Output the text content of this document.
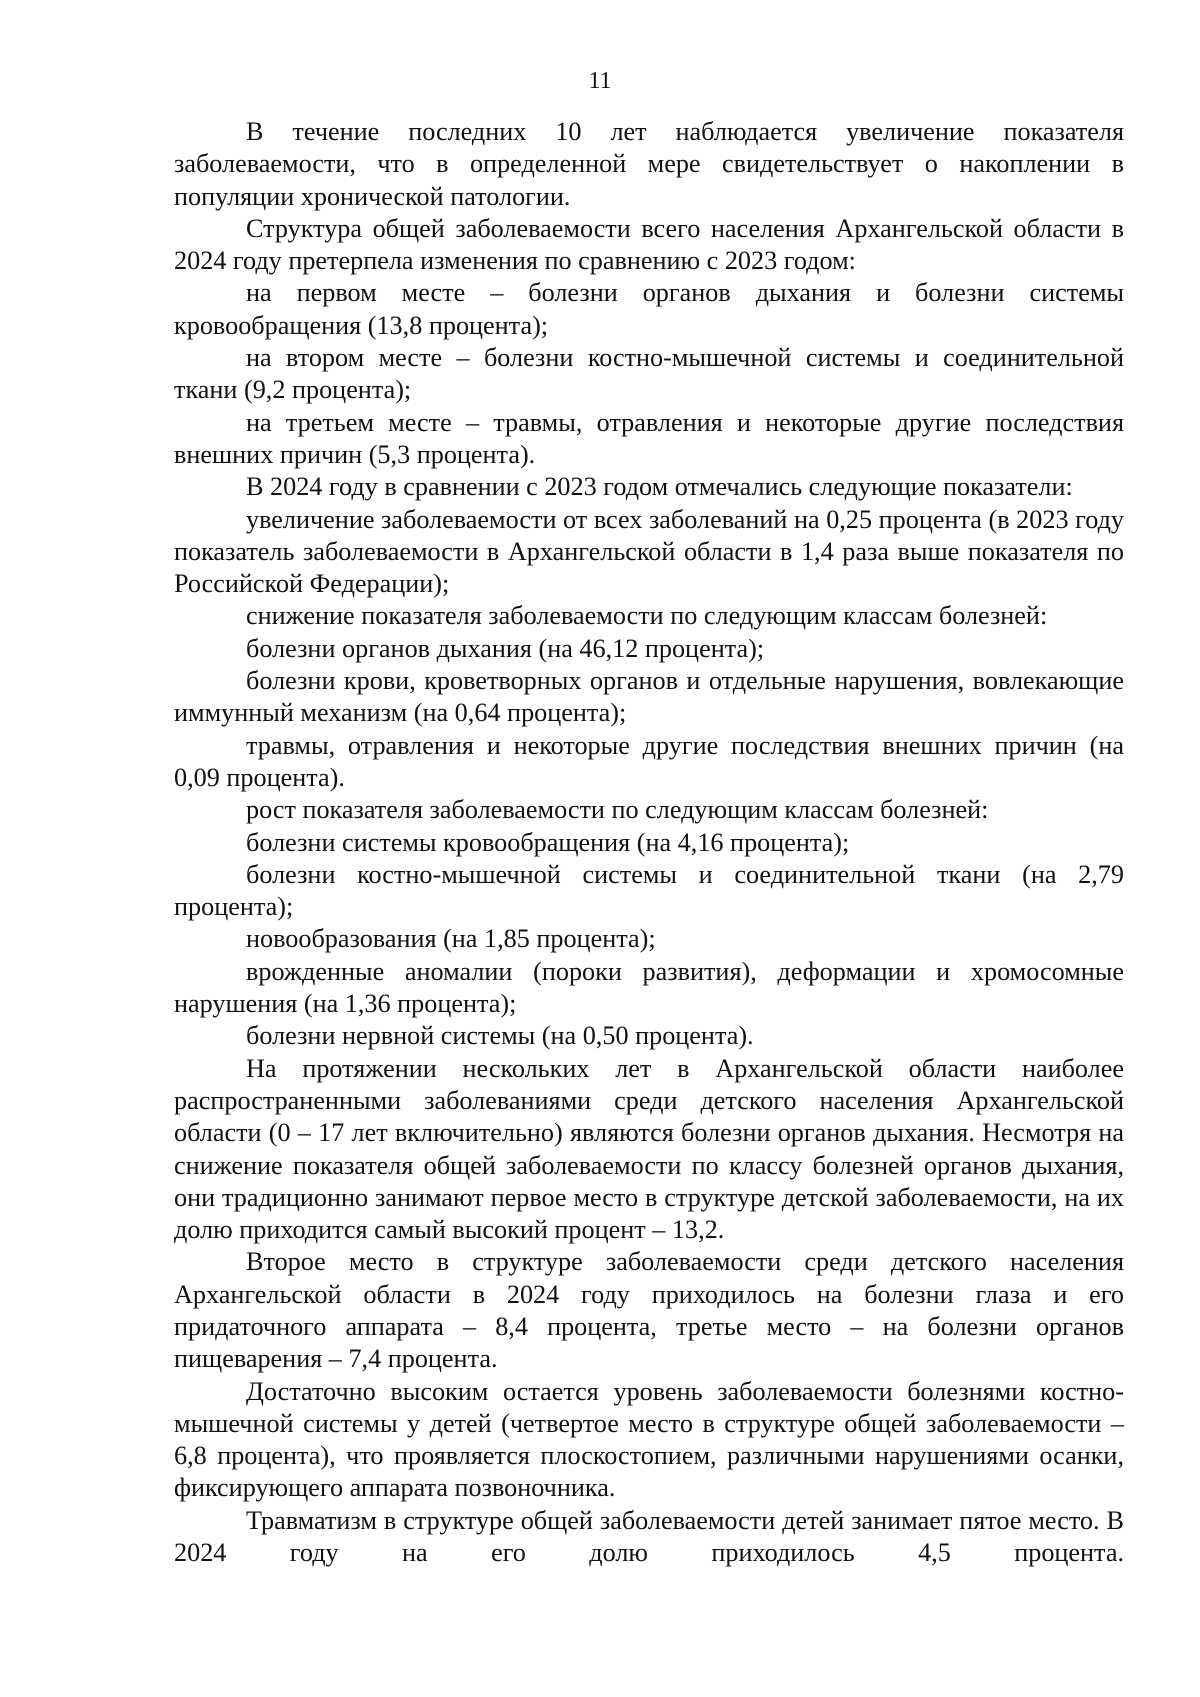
11

В течение последних 10 лет наблюдается увеличение показателя заболеваемости, что в определенной мере свидетельствует о накоплении в популяции хронической патологии.

Структура общей заболеваемости всего населения Архангельской области в 2024 году претерпела изменения по сравнению с 2023 годом:

на первом месте – болезни органов дыхания и болезни системы кровообращения (13,8 процента);

на втором месте – болезни костно-мышечной системы и соединительной ткани (9,2 процента);

на третьем месте – травмы, отравления и некоторые другие последствия внешних причин (5,3 процента).

В 2024 году в сравнении с 2023 годом отмечались следующие показатели:

увеличение заболеваемости от всех заболеваний на 0,25 процента (в 2023 году показатель заболеваемости в Архангельской области в 1,4 раза выше показателя по Российской Федерации);

снижение показателя заболеваемости по следующим классам болезней:

болезни органов дыхания (на 46,12 процента);

болезни крови, кроветворных органов и отдельные нарушения, вовлекающие иммунный механизм (на 0,64 процента);

травмы, отравления и некоторые другие последствия внешних причин (на 0,09 процента).

рост показателя заболеваемости по следующим классам болезней:

болезни системы кровообращения (на 4,16 процента);

болезни костно-мышечной системы и соединительной ткани (на 2,79 процента);

новообразования (на 1,85 процента);

врожденные аномалии (пороки развития), деформации и хромосомные нарушения (на 1,36 процента);

болезни нервной системы (на 0,50 процента).

На протяжении нескольких лет в Архангельской области наиболее распространенными заболеваниями среди детского населения Архангельской области (0 – 17 лет включительно) являются болезни органов дыхания. Несмотря на снижение показателя общей заболеваемости по классу болезней органов дыхания, они традиционно занимают первое место в структуре детской заболеваемости, на их долю приходится самый высокий процент – 13,2.

Второе место в структуре заболеваемости среди детского населения Архангельской области в 2024 году приходилось на болезни глаза и его придаточного аппарата – 8,4 процента, третье место – на болезни органов пищеварения – 7,4 процента.

Достаточно высоким остается уровень заболеваемости болезнями костно-мышечной системы у детей (четвертое место в структуре общей заболеваемости – 6,8 процента), что проявляется плоскостопием, различными нарушениями осанки, фиксирующего аппарата позвоночника.

Травматизм в структуре общей заболеваемости детей занимает пятое место. В 2024 году на его долю приходилось 4,5 процента.
